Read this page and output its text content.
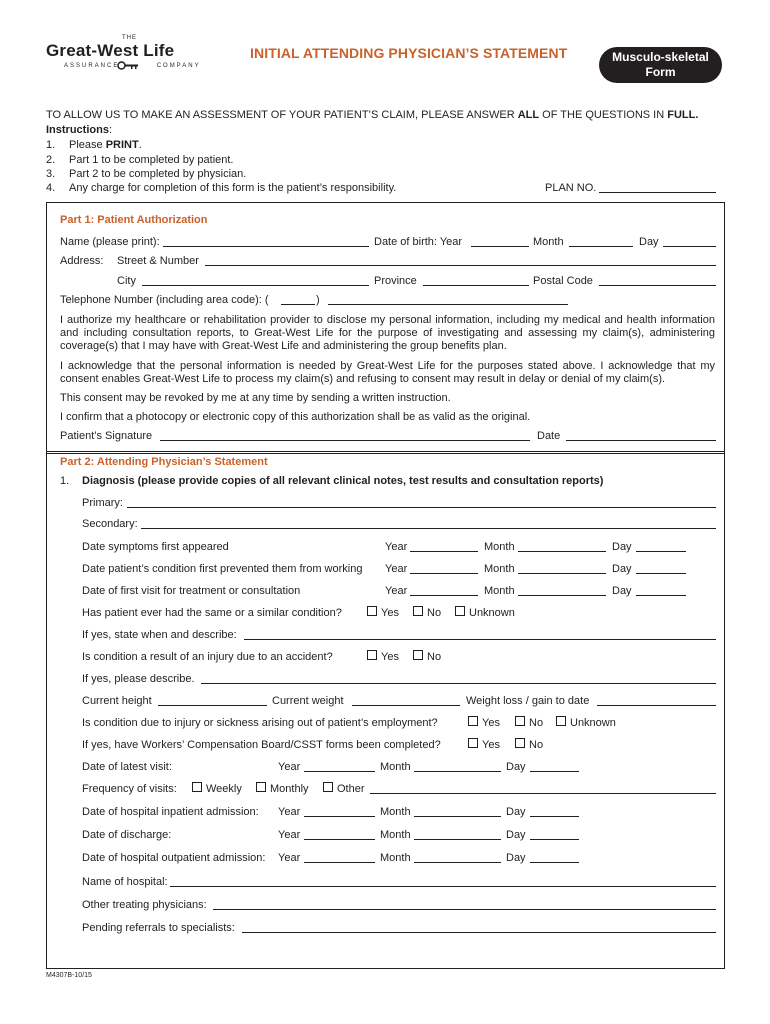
THE
Great-West Life
ASSURANCE	COMPANY
INITIAL ATTENDING PHYSICIAN’S STATEMENT	Musculo-skeletal
Form
TO ALLOW US TO MAKE AN ASSESSMENT OF YOUR PATIENT’S CLAIM, PLEASE ANSWER ALL OF THE QUESTIONS IN FULL.
Instructions:
1. Please PRINT.
2. Part 1 to be completed by patient.
3. Part 2 to be completed by physician.
4. Any charge for completion of this form is the patient’s responsibility.	PLAN NO.
Part 1: Patient Authorization
Name (please print):	Date of birth: Year	Month	Day
Address: Street & Number
City	Province	Postal Code
Telephone Number (including area code): (	)
I authorize my healthcare or rehabilitation provider to disclose my personal information, including my medical and health information and including consultation reports, to Great-West Life for the purpose of investigating and assessing my claim(s), administering coverage(s) that I may have with Great-West Life and administering the group benefits plan.
I acknowledge that the personal information is needed by Great-West Life for the purposes stated above. I acknowledge that my consent enables Great-West Life to process my claim(s) and refusing to consent may result in delay or denial of my claim(s).
This consent may be revoked by me at any time by sending a written instruction.
I confirm that a photocopy or electronic copy of this authorization shall be as valid as the original.
Patient’s Signature	Date
Part 2: Attending Physician’s Statement
1. Diagnosis (please provide copies of all relevant clinical notes, test results and consultation reports)
Primary:
Secondary:
Date symptoms first appeared	Year	Month	Day
Date patient’s condition first prevented them from working Year	Month	Day
Date of first visit for treatment or consultation	Year	Month	Day
Has patient ever had the same or a similar condition?	Yes	No	Unknown
If yes, state when and describe:
Is condition a result of an injury due to an accident?	Yes	No
If yes, please describe.
Current height	Current weight	Weight loss / gain to date
Is condition due to injury or sickness arising out of patient’s employment?	Yes	No Unknown
If yes, have Workers’ Compensation Board/CSST forms been completed?	Yes	No
Date of latest visit:	Year	Month	Day
Frequency of visits:	Weekly	Monthly	Other
Date of hospital inpatient admission: Year	Month	Day
Date of discharge:	Year	Month	Day
Date of hospital outpatient admission: Year	Month	Day
Name of hospital:
Other treating physicians:
Pending referrals to specialists:
M4307B-10/15
